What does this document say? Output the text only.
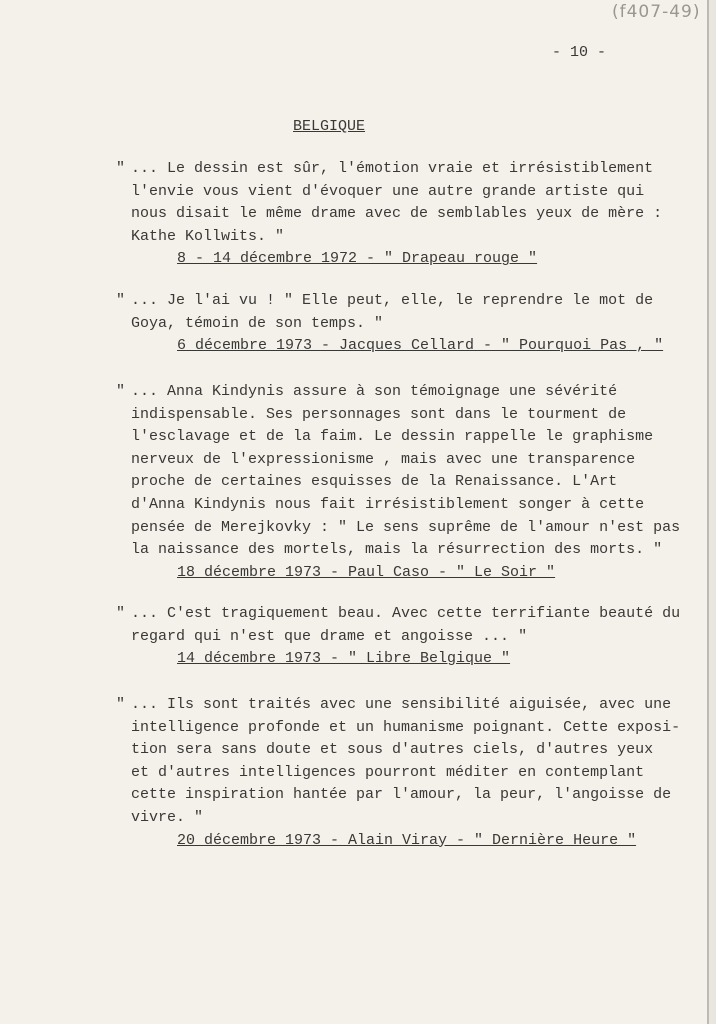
(f407-49)
- 10 -
BELGIQUE
" ... Le dessin est sûr, l'émotion vraie et irrésistiblement
l'envie vous vient d'évoquer une autre grande artiste qui
nous disait le même drame avec de semblables yeux de mère :
Kathe Kollwits. "
8 - 14 décembre 1972 - " Drapeau rouge "
" ... Je l'ai vu ! " Elle peut, elle, le reprendre le mot de
Goya, témoin de son temps. "
6 décembre 1973 - Jacques Cellard - " Pourquoi Pas , "
" ... Anna Kindynis assure à son témoignage une sévérité
indispensable. Ses personnages sont dans le tourment de
l'esclavage et de la faim. Le dessin rappelle le graphisme
nerveux de l'expressionisme , mais avec une transparence
proche de certaines esquisses de la Renaissance. L'Art
d'Anna Kindynis nous fait irrésistiblement songer à cette
pensée de Merejkovky : " Le sens suprême de l'amour n'est pas
la naissance des mortels, mais la résurrection des morts. "
18 décembre 1973 - Paul Caso - " Le Soir "
" ... C'est tragiquement beau. Avec cette terrifiante beauté du
regard qui n'est que drame et angoisse ... "
14 décembre 1973 - " Libre Belgique "
" ... Ils sont traités avec une sensibilité aiguisée, avec une
intelligence profonde et un humanisme poignant. Cette exposi-
tion sera sans doute et sous d'autres ciels, d'autres yeux
et d'autres intelligences pourront méditer en contemplant
cette inspiration hantée par l'amour, la peur, l'angoisse de
vivre. "
20 décembre 1973 - Alain Viray - " Dernière Heure "
